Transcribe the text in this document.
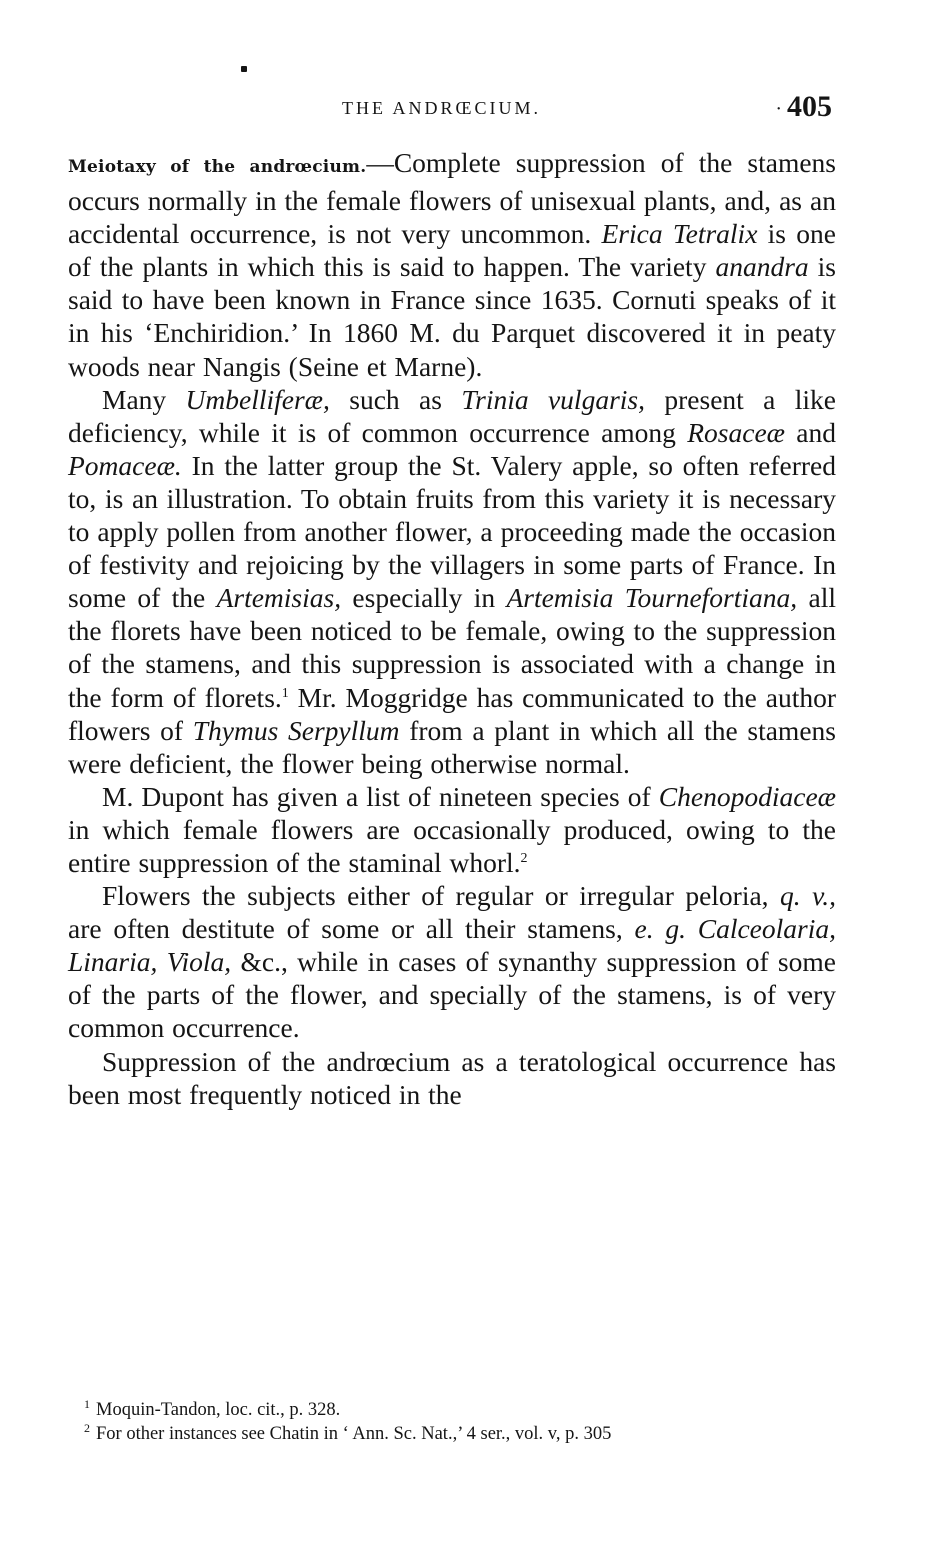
THE ANDRŒCIUM.
·	405

Meiotaxy of the andrœcium.—Complete suppression of the stamens occurs normally in the female flowers of unisexual plants, and, as an accidental occurrence, is not very uncommon. Erica Tetralix is one of the plants in which this is said to happen. The variety anandra is said to have been known in France since 1635. Cornuti speaks of it in his ‘Enchiridion.’ In 1860 M. du Parquet discovered it in peaty woods near Nangis (Seine et Marne).

Many Umbelliferæ, such as Trinia vulgaris, present a like deficiency, while it is of common occurrence among Rosaceæ and Pomaceæ. In the latter group the St. Valery apple, so often referred to, is an illustration. To obtain fruits from this variety it is necessary to apply pollen from another flower, a proceeding made the occasion of festivity and rejoicing by the villagers in some parts of France. In some of the Artemisias, especially in Artemisia Tournefortiana, all the florets have been noticed to be female, owing to the suppression of the stamens, and this suppression is associated with a change in the form of florets.$^1$ Mr. Moggridge has communicated to the author flowers of Thymus Serpyllum from a plant in which all the stamens were deficient, the flower being otherwise normal.

M. Dupont has given a list of nineteen species of Chenopodiaceæ in which female flowers are occasionally produced, owing to the entire suppression of the staminal whorl.$^2$

Flowers the subjects either of regular or irregular peloria, q. v., are often destitute of some or all their stamens, e. g. Calceolaria, Linaria, Viola, &c., while in cases of synanthy suppression of some of the parts of the flower, and specially of the stamens, is of very common occurrence.

Suppression of the andrœcium as a teratological occurrence has been most frequently noticed in the

$^1$ Moquin-Tandon, loc. cit., p. 328.
$^2$ For other instances see Chatin in ‘ Ann. Sc. Nat.,’ 4 ser., vol. v, p. 305
